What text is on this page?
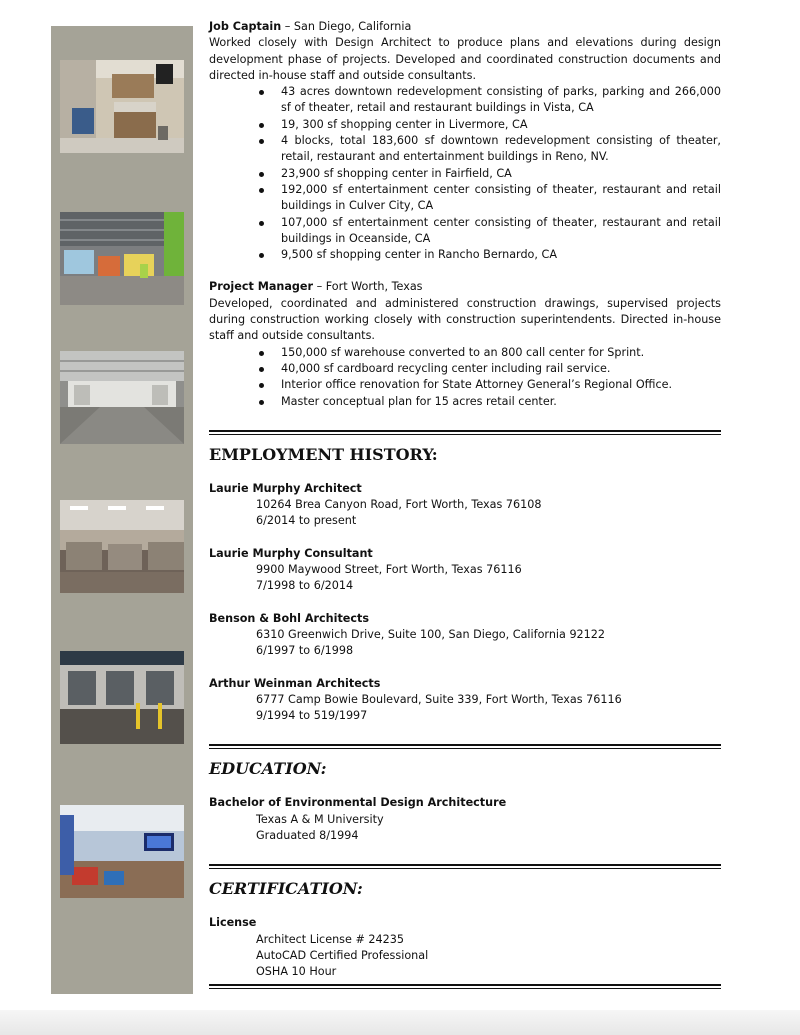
Job Captain – San Diego, California
Worked closely with Design Architect to produce plans and elevations during design development phase of projects. Developed and coordinated construction documents and directed in-house staff and outside consultants.
43 acres downtown redevelopment consisting of parks, parking and 266,000 sf of theater, retail and restaurant buildings in Vista, CA
19, 300 sf shopping center in Livermore, CA
4 blocks, total 183,600 sf downtown redevelopment consisting of theater, retail, restaurant and entertainment buildings in Reno, NV.
23,900 sf shopping center in Fairfield, CA
192,000 sf entertainment center consisting of theater, restaurant and retail buildings in Culver City, CA
107,000 sf entertainment center consisting of theater, restaurant and retail buildings in Oceanside, CA
9,500 sf shopping center in Rancho Bernardo, CA
Project Manager – Fort Worth, Texas
Developed, coordinated and administered construction drawings, supervised projects during construction working closely with construction superintendents. Directed in-house staff and outside consultants.
150,000 sf warehouse converted to an 800 call center for Sprint.
40,000 sf cardboard recycling center including rail service.
Interior office renovation for State Attorney General’s Regional Office.
Master conceptual plan for 15 acres retail center.
EMPLOYMENT HISTORY:
Laurie Murphy Architect
10264 Brea Canyon Road, Fort Worth, Texas 76108
6/2014 to present
Laurie Murphy Consultant
9900 Maywood Street, Fort Worth, Texas 76116
7/1998 to 6/2014
Benson & Bohl Architects
6310 Greenwich Drive, Suite 100, San Diego, California 92122
6/1997 to 6/1998
Arthur Weinman Architects
6777 Camp Bowie Boulevard, Suite 339, Fort Worth, Texas 76116
9/1994 to 519/1997
EDUCATION:
Bachelor of Environmental Design Architecture
Texas A & M University
Graduated 8/1994
CERTIFICATION:
License
Architect License # 24235
AutoCAD Certified Professional
OSHA 10 Hour
